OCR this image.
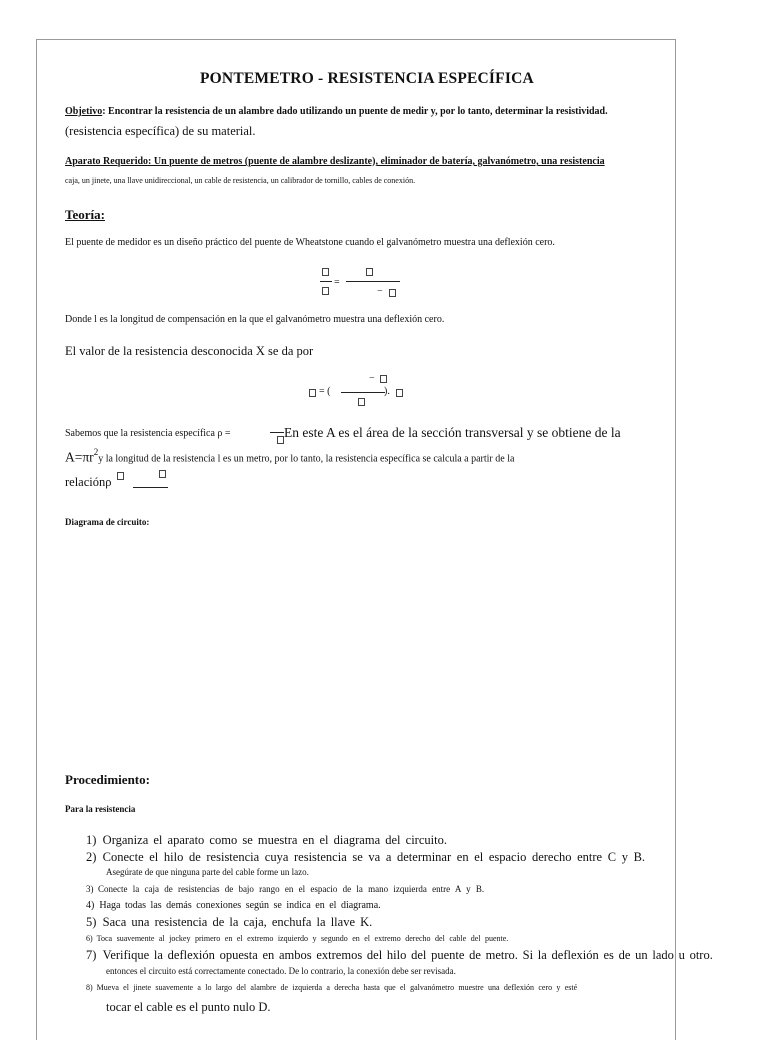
PONTEMETRO - RESISTENCIA ESPECÍFICA
Objetivo: Encontrar la resistencia de un alambre dado utilizando un puente de medir y, por lo tanto, determinar la resistividad.
(resistencia específica) de su material.
Aparato Requerido: Un puente de metros (puente de alambre deslizante), eliminador de batería, galvanómetro, una resistencia
caja, un jinete, una llave unidireccional, un cable de resistencia, un calibrador de tornillo, cables de conexión.
Teoría:
El puente de medidor es un diseño práctico del puente de Wheatstone cuando el galvanómetro muestra una deflexión cero.
=
−
Donde l es la longitud de compensación en la que el galvanómetro muestra una deflexión cero.
El valor de la resistencia desconocida X se da por
= (
−
).
Sabemos que la resistencia específica ρ =	En este A es el área de la sección transversal y se obtiene de la
$A=\pi r^2y$ la longitud de la resistencia l es un metro, por lo tanto, la resistencia específica se calcula a partir de la
relaciónρ
Diagrama de circuito:
Procedimiento:
Para la resistencia
1) Organiza el aparato como se muestra en el diagrama del circuito.
2) Conecte el hilo de resistencia cuya resistencia se va a determinar en el espacio derecho entre C y B.
Asegúrate de que ninguna parte del cable forme un lazo.
3) Conecte la caja de resistencias de bajo rango en el espacio de la mano izquierda entre A y B.
4) Haga todas las demás conexiones según se indica en el diagrama.
5) Saca una resistencia de la caja, enchufa la llave K.
6) Toca suavemente al jockey primero en el extremo izquierdo y segundo en el extremo derecho del cable del puente.
7) Verifique la deflexión opuesta en ambos extremos del hilo del puente de metro. Si la deflexión es de un lado u otro.
entonces el circuito está correctamente conectado. De lo contrario, la conexión debe ser revisada.
8) Mueva el jinete suavemente a lo largo del alambre de izquierda a derecha hasta que el galvanómetro muestre una deflexión cero y esté
tocar el cable es el punto nulo D.
